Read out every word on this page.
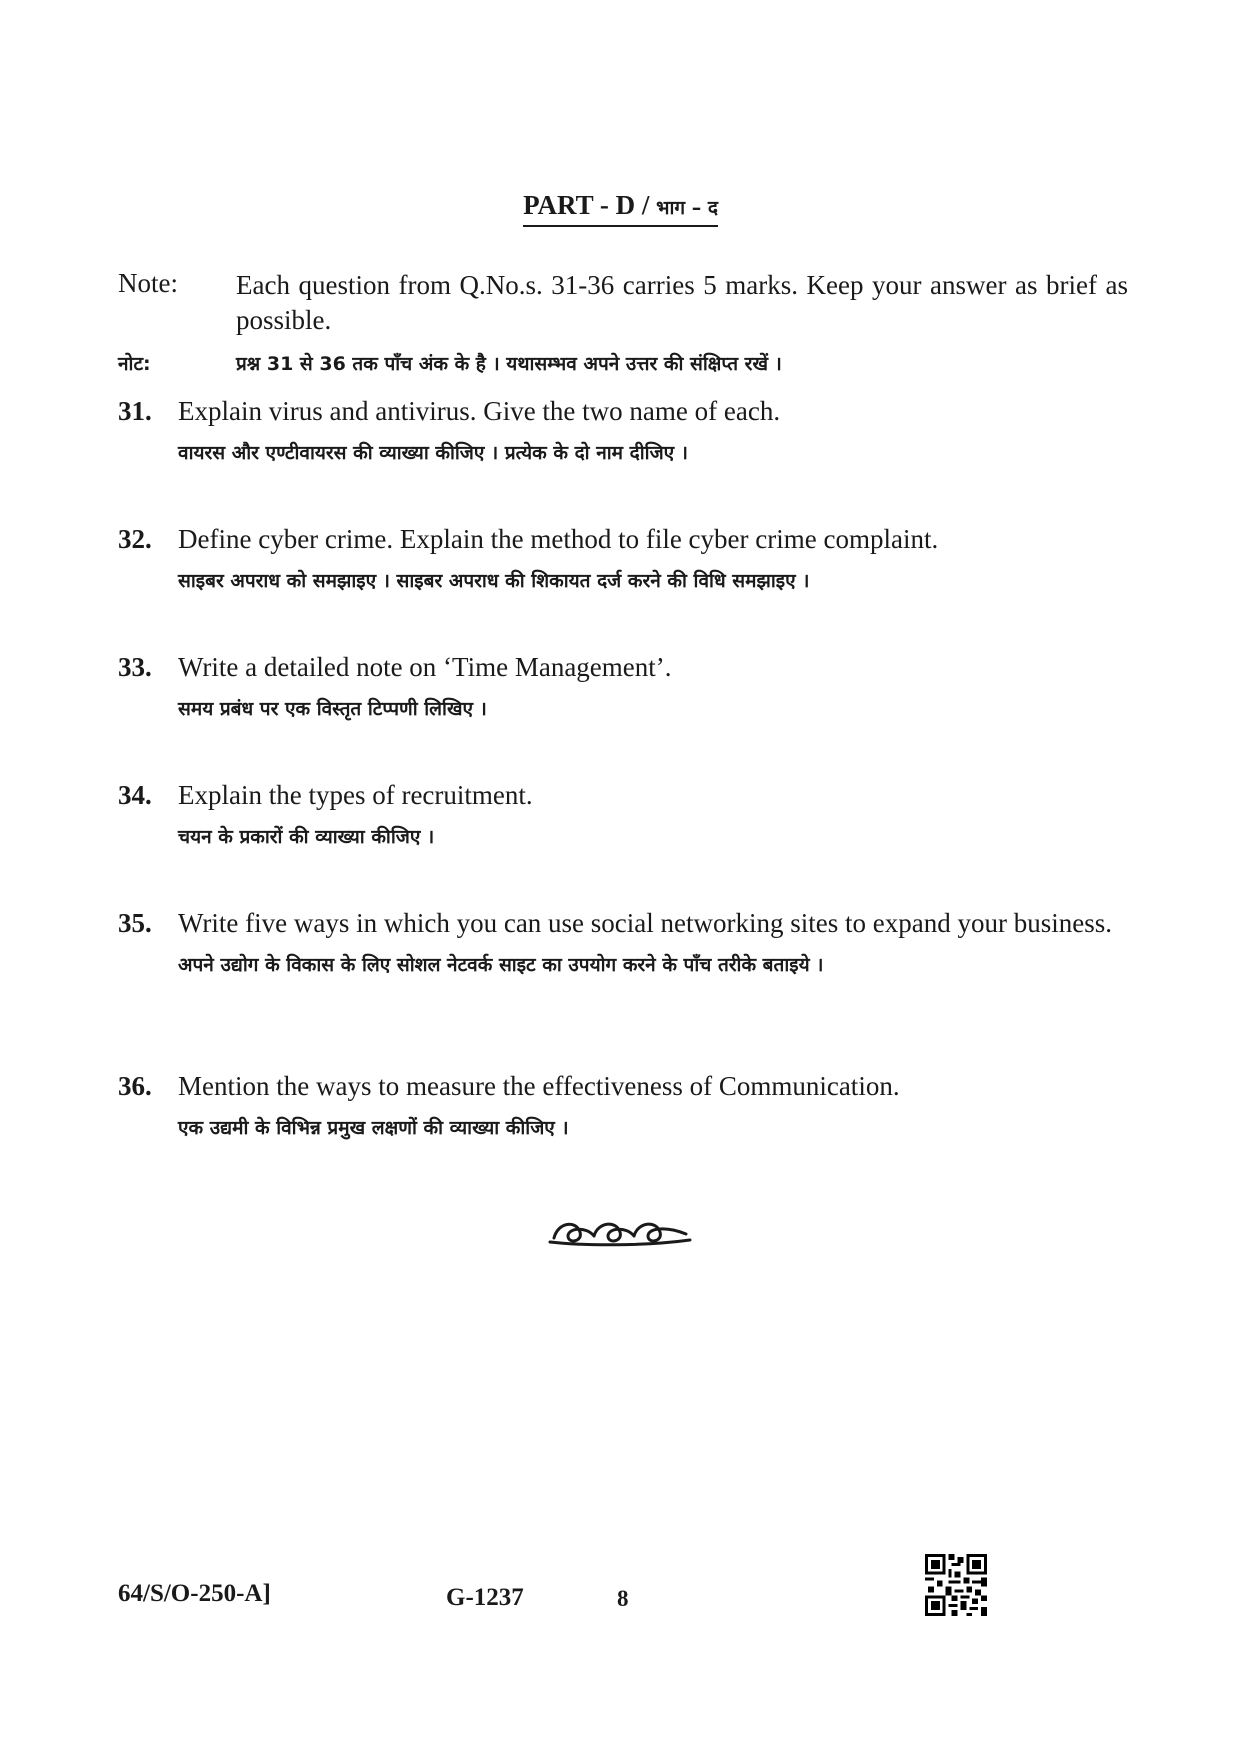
PART - D / भाग – द
Note:	Each question from Q.No.s. 31-36 carries 5 marks. Keep your answer as brief as possible.
नोट:	प्रश्न 31 से 36 तक पाँच अंक के है । यथासम्भव अपने उत्तर की संक्षिप्त रखें ।
31. Explain virus and antivirus. Give the two name of each.
वायरस और एण्टीवायरस की व्याख्या कीजिए । प्रत्येक के दो नाम दीजिए ।
32. Define cyber crime. Explain the method to file cyber crime complaint.
साइबर अपराध को समझाइए । साइबर अपराध की शिकायत दर्ज करने की विधि समझाइए ।
33. Write a detailed note on ‘Time Management’.
समय प्रबंध पर एक विस्तृत टिप्पणी लिखिए ।
34. Explain the types of recruitment.
चयन के प्रकारों की व्याख्या कीजिए ।
35. Write five ways in which you can use social networking sites to expand your business.
अपने उद्योग के विकास के लिए सोशल नेटवर्क साइट का उपयोग करने के पाँच तरीके बताइये ।
36. Mention the ways to measure the effectiveness of Communication.
एक उद्यमी के विभिन्न प्रमुख लक्षणों की व्याख्या कीजिए ।
64/S/O-250-A]	G-1237	8
